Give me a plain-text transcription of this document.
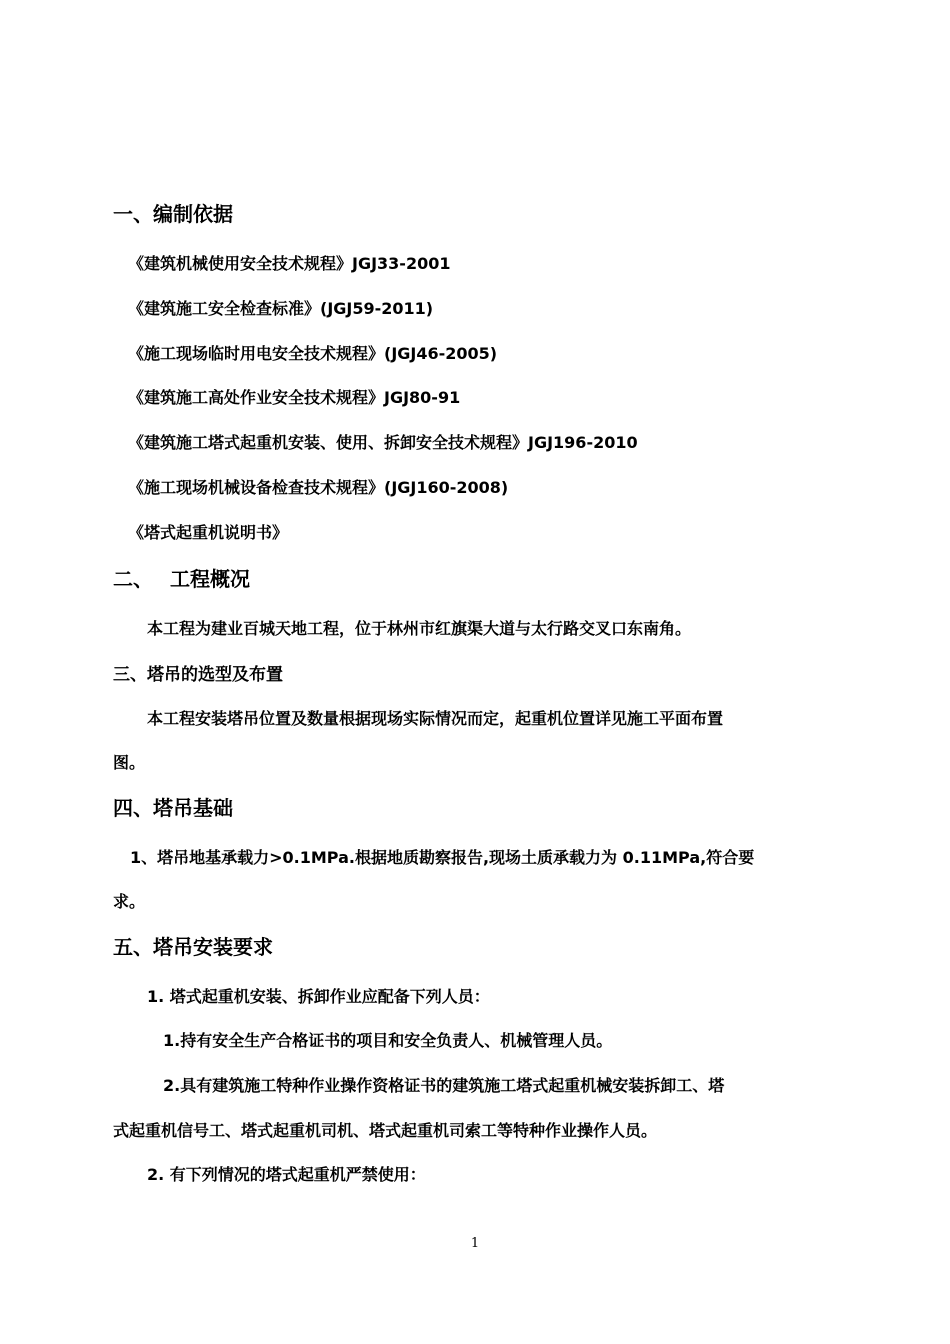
一、编制依据
《建筑机械使用安全技术规程》JGJ33-2001
《建筑施工安全检查标准》(JGJ59-2011)
《施工现场临时用电安全技术规程》(JGJ46-2005)
《建筑施工高处作业安全技术规程》JGJ80-91
《建筑施工塔式起重机安装、使用、拆卸安全技术规程》JGJ196-2010
《施工现场机械设备检查技术规程》(JGJ160-2008)
《塔式起重机说明书》
二、 工程概况
本工程为建业百城天地工程，位于林州市红旗渠大道与太行路交叉口东南角。
三、塔吊的选型及布置
本工程安装塔吊位置及数量根据现场实际情况而定，起重机位置详见施工平面布置
图。
四、塔吊基础
1、塔吊地基承载力>0.1MPa.根据地质勘察报告,现场土质承载力为 0.11MPa,符合要
求。
五、塔吊安装要求
1. 塔式起重机安装、拆卸作业应配备下列人员：
1.持有安全生产合格证书的项目和安全负责人、机械管理人员。
2.具有建筑施工特种作业操作资格证书的建筑施工塔式起重机械安装拆卸工、塔
式起重机信号工、塔式起重机司机、塔式起重机司索工等特种作业操作人员。
2. 有下列情况的塔式起重机严禁使用：
1
